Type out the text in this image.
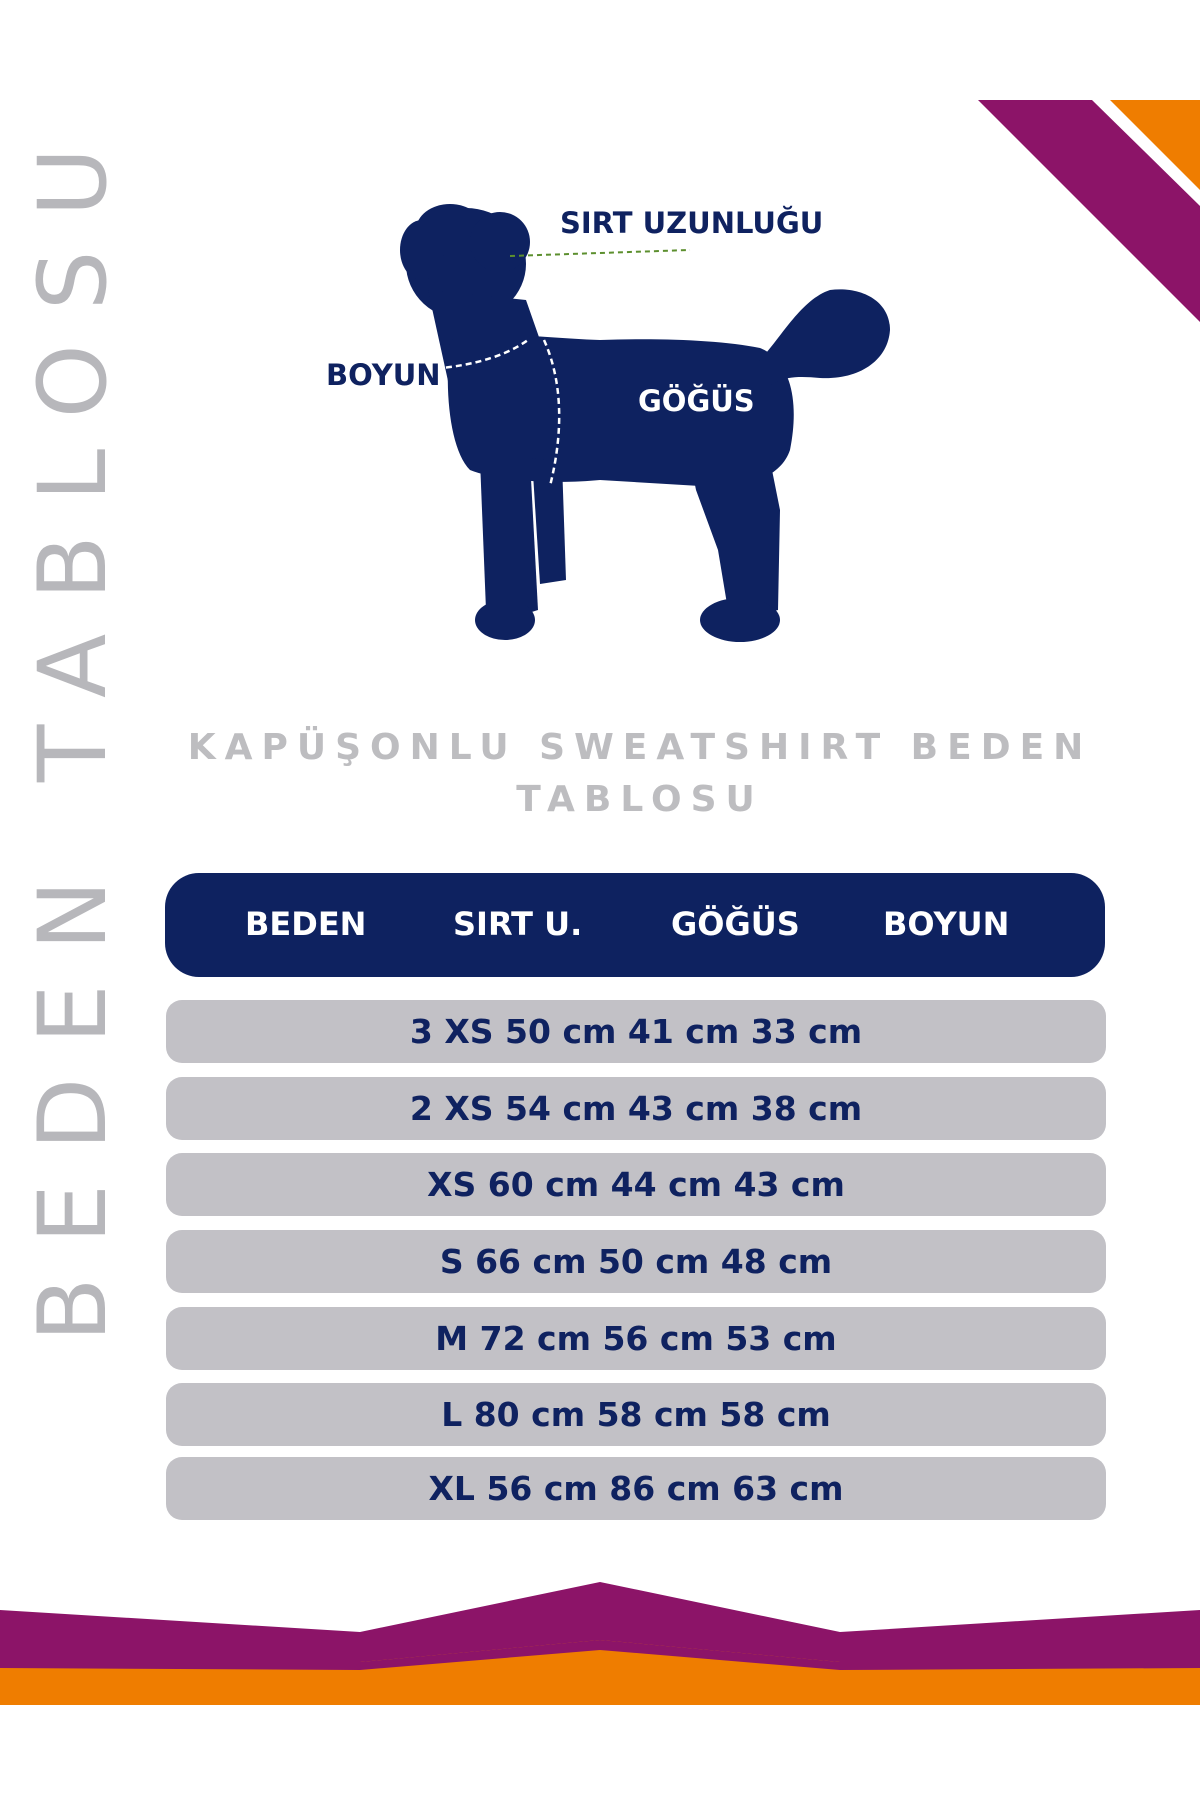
BEDEN TABLOSU	SIRT UZUNLUĞU
BOYUN
GÖĞÜS
KAPÜŞONLU SWEATSHIRT BEDEN
TABLOSU
BEDEN	SIRT U.	GÖĞÜS	BOYUN
3 XS 50 cm 41 cm 33 cm
2 XS 54 cm 43 cm 38 cm
XS 60 cm 44 cm 43 cm
S 66 cm 50 cm 48 cm
M 72 cm 56 cm 53 cm
L 80 cm 58 cm 58 cm
XL 56 cm 86 cm 63 cm
